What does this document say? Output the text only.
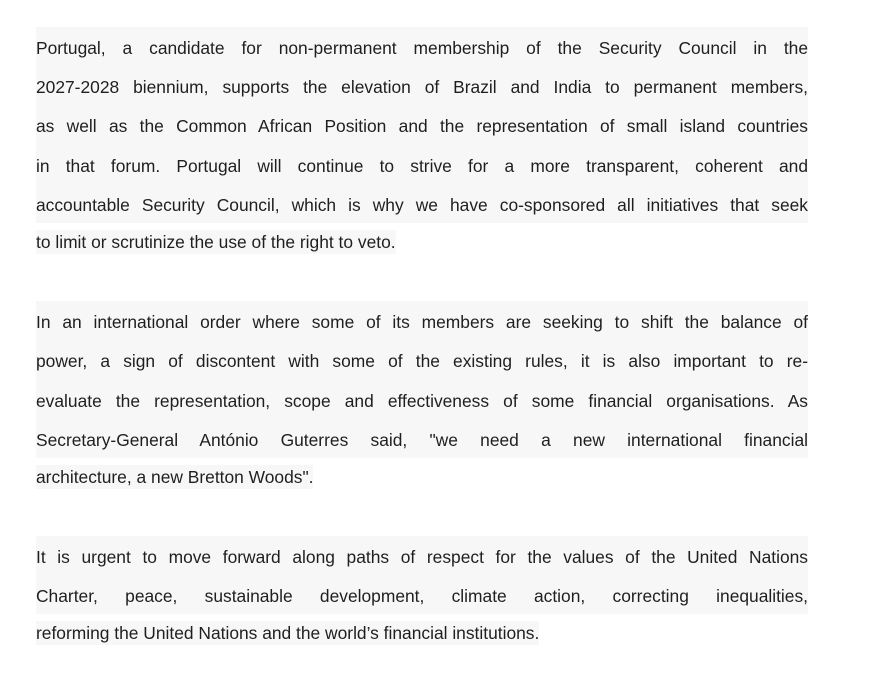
Portugal, a candidate for non-permanent membership of the Security Council in the
2027-2028 biennium, supports the elevation of Brazil and India to permanent members,
as well as the Common African Position and the representation of small island countries
in that forum. Portugal will continue to strive for a more transparent, coherent and
accountable Security Council, which is why we have co-sponsored all initiatives that seek
to limit or scrutinize the use of the right to veto.

In an international order where some of its members are seeking to shift the balance of
power, a sign of discontent with some of the existing rules, it is also important to re-
evaluate the representation, scope and effectiveness of some financial organisations. As
Secretary-General António Guterres said, "we need a new international financial
architecture, a new Bretton Woods".

It is urgent to move forward along paths of respect for the values of the United Nations
Charter, peace, sustainable development, climate action, correcting inequalities,
reforming the United Nations and the world’s financial institutions.
